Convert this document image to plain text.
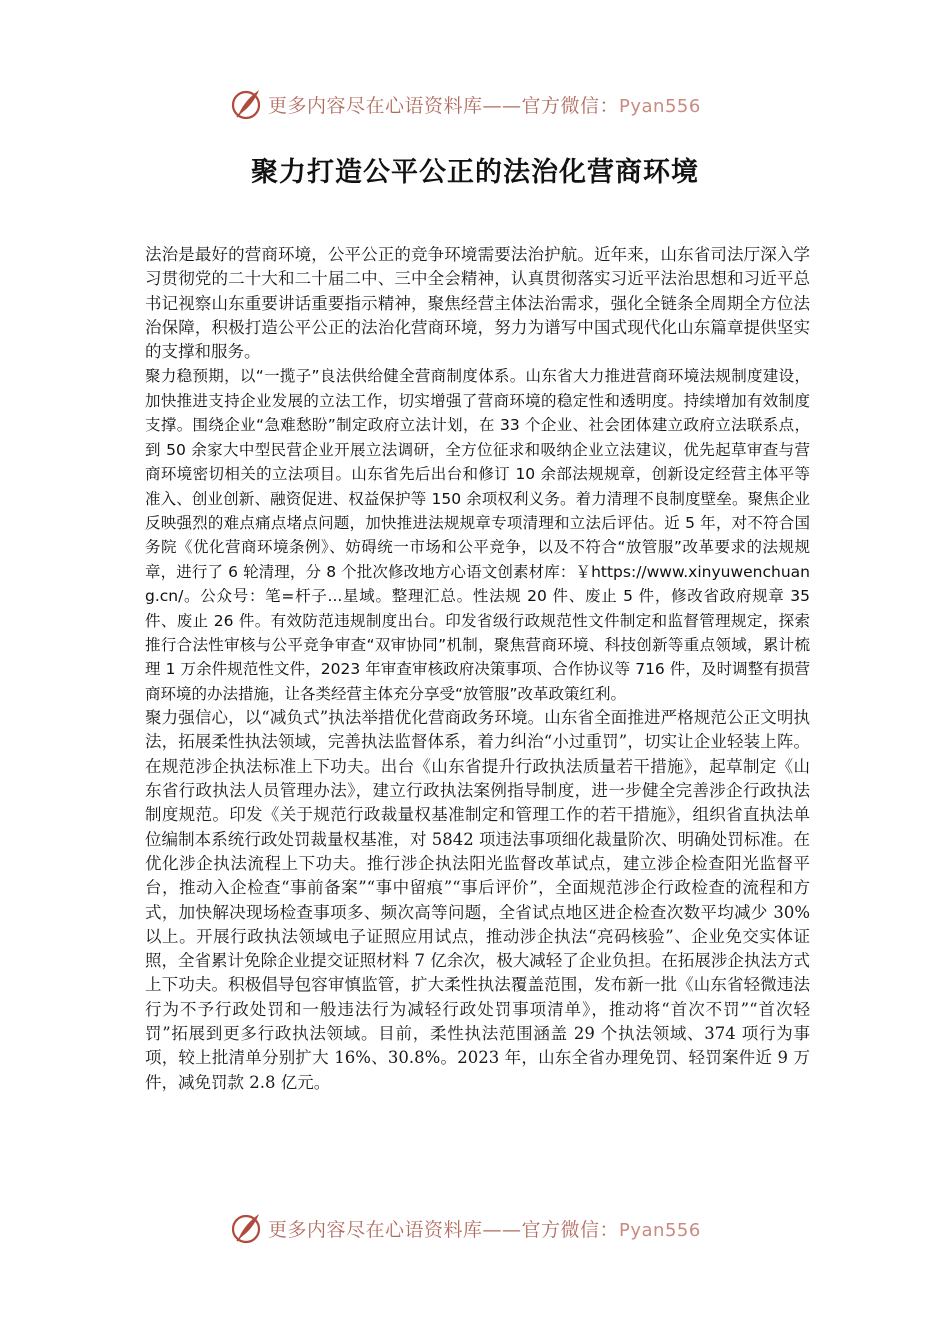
更多内容尽在心语资料库——官方微信：Pyan556
聚力打造公平公正的法治化营商环境

法治是最好的营商环境，公平公正的竞争环境需要法治护航。近年来，山东省司法厅深入学习贯彻党的二十大和二十届二中、三中全会精神，认真贯彻落实习近平法治思想和习近平总书记视察山东重要讲话重要指示精神，聚焦经营主体法治需求，强化全链条全周期全方位法治保障，积极打造公平公正的法治化营商环境，努力为谱写中国式现代化山东篇章提供坚实的支撑和服务。

聚力稳预期，以“一揽子”良法供给健全营商制度体系。山东省大力推进营商环境法规制度建设，加快推进支持企业发展的立法工作，切实增强了营商环境的稳定性和透明度。持续增加有效制度支撑。围绕企业“急难愁盼”制定政府立法计划，在 33 个企业、社会团体建立政府立法联系点，到 50 余家大中型民营企业开展立法调研，全方位征求和吸纳企业立法建议，优先起草审查与营商环境密切相关的立法项目。山东省先后出台和修订 10 余部法规规章，创新设定经营主体平等准入、创业创新、融资促进、权益保护等 150 余项权利义务。着力清理不良制度壁垒。聚焦企业反映强烈的难点痛点堵点问题，加快推进法规规章专项清理和立法后评估。近 5 年，对不符合国务院《优化营商环境条例》、妨碍统一市场和公平竞争，以及不符合“放管服”改革要求的法规规章，进行了 6 轮清理，分 8 个批次修改地方心语文创素材库：￥https://www.xinyuwenchuang.cn/。公众号：笔=杆子...星域。整理汇总。性法规 20 件、废止 5 件，修改省政府规章 35 件、废止 26 件。有效防范违规制度出台。印发省级行政规范性文件制定和监督管理规定，探索推行合法性审核与公平竞争审查“双审协同”机制，聚焦营商环境、科技创新等重点领域，累计梳理 1 万余件规范性文件，2023 年审查审核政府决策事项、合作协议等 716 件，及时调整有损营商环境的办法措施，让各类经营主体充分享受“放管服”改革政策红利。

聚力强信心，以“减负式”执法举措优化营商政务环境。山东省全面推进严格规范公正文明执法，拓展柔性执法领域，完善执法监督体系，着力纠治“小过重罚”，切实让企业轻装上阵。在规范涉企执法标准上下功夫。出台《山东省提升行政执法质量若干措施》，起草制定《山东省行政执法人员管理办法》，建立行政执法案例指导制度，进一步健全完善涉企行政执法制度规范。印发《关于规范行政裁量权基准制定和管理工作的若干措施》，组织省直执法单位编制本系统行政处罚裁量权基准，对 5842 项违法事项细化裁量阶次、明确处罚标准。在优化涉企执法流程上下功夫。推行涉企执法阳光监督改革试点，建立涉企检查阳光监督平台，推动入企检查“事前备案”“事中留痕”“事后评价”，全面规范涉企行政检查的流程和方式，加快解决现场检查事项多、频次高等问题，全省试点地区进企检查次数平均减少 30%以上。开展行政执法领域电子证照应用试点，推动涉企执法“亮码核验”、企业免交实体证照，全省累计免除企业提交证照材料 7 亿余次，极大减轻了企业负担。在拓展涉企执法方式上下功夫。积极倡导包容审慎监管，扩大柔性执法覆盖范围，发布新一批《山东省轻微违法行为不予行政处罚和一般违法行为减轻行政处罚事项清单》，推动将“首次不罚”“首次轻罚”拓展到更多行政执法领域。目前，柔性执法范围涵盖 29 个执法领域、374 项行为事项，较上批清单分别扩大 16%、30.8%。2023 年，山东全省办理免罚、轻罚案件近 9 万件，减免罚款 2.8 亿元。

更多内容尽在心语资料库——官方微信：Pyan556
